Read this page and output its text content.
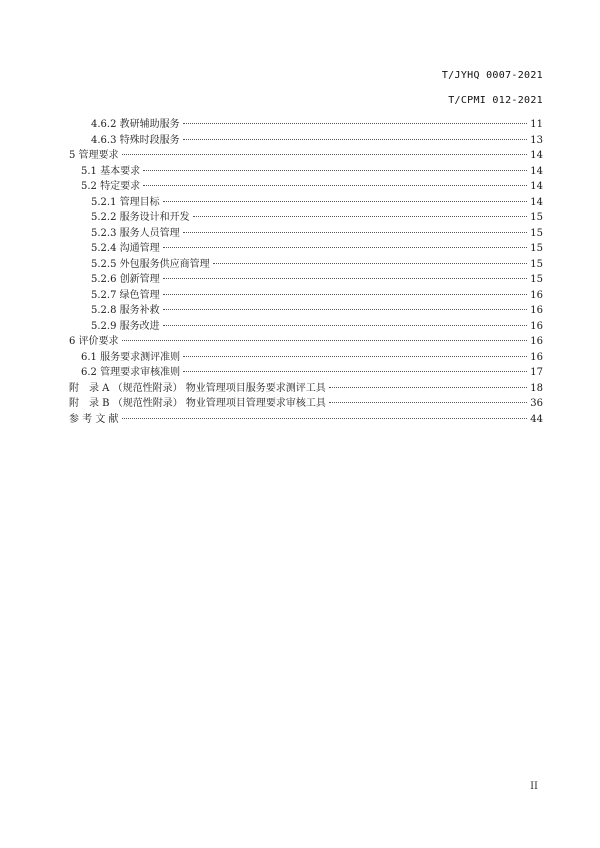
T/JYHQ 0007-2021
T/CPMI 012-2021
4.6.2 教研辅助服务	11
4.6.3 特殊时段服务	13
5 管理要求	14
5.1 基本要求	14
5.2 特定要求	14
5.2.1 管理目标	14
5.2.2 服务设计和开发	15
5.2.3 服务人员管理	15
5.2.4 沟通管理	15
5.2.5 外包服务供应商管理	15
5.2.6 创新管理	15
5.2.7 绿色管理	16
5.2.8 服务补救	16
5.2.9 服务改进	16
6 评价要求	16
6.1 服务要求测评准则	16
6.2 管理要求审核准则	17
附　录 A （规范性附录） 物业管理项目服务要求测评工具	18
附　录 B （规范性附录） 物业管理项目管理要求审核工具	36
参 考 文 献	44
II
